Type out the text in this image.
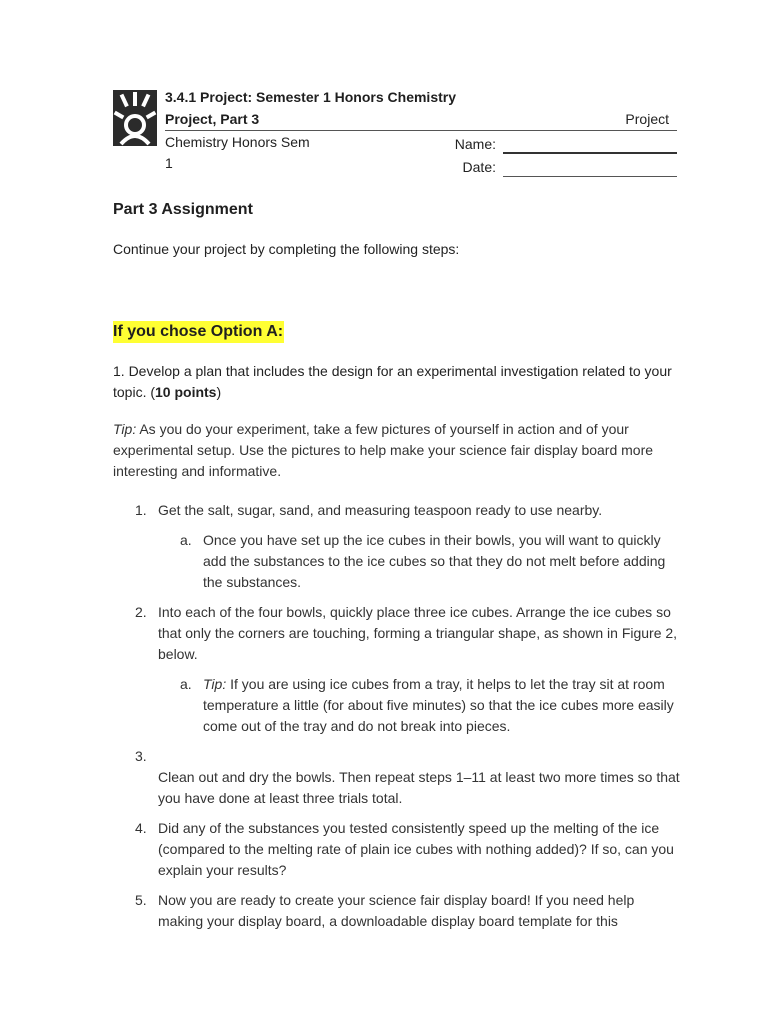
3.4.1 Project: Semester 1 Honors Chemistry
Project, Part 3	Project
Chemistry Honors Sem
1
Name:
Date:
Part 3 Assignment
Continue your project by completing the following steps:
If you chose Option A:
1. Develop a plan that includes the design for an experimental investigation related to your topic. (10 points)
Tip: As you do your experiment, take a few pictures of yourself in action and of your experimental setup. Use the pictures to help make your science fair display board more interesting and informative.
1. Get the salt, sugar, sand, and measuring teaspoon ready to use nearby.
a. Once you have set up the ice cubes in their bowls, you will want to quickly add the substances to the ice cubes so that they do not melt before adding the substances.
2. Into each of the four bowls, quickly place three ice cubes. Arrange the ice cubes so that only the corners are touching, forming a triangular shape, as shown in Figure 2, below.
a. Tip: If you are using ice cubes from a tray, it helps to let the tray sit at room temperature a little (for about five minutes) so that the ice cubes more easily come out of the tray and do not break into pieces.
3.
Clean out and dry the bowls. Then repeat steps 1–11 at least two more times so that you have done at least three trials total.
4. Did any of the substances you tested consistently speed up the melting of the ice (compared to the melting rate of plain ice cubes with nothing added)? If so, can you explain your results?
5. Now you are ready to create your science fair display board! If you need help making your display board, a downloadable display board template for this
